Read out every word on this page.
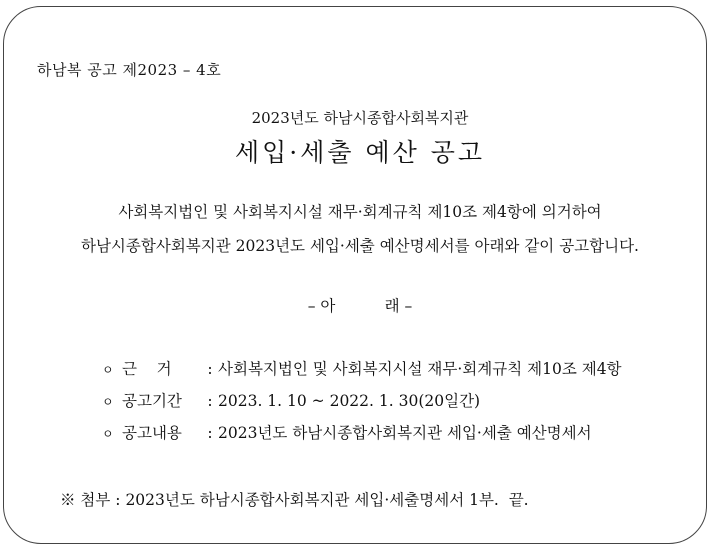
하남복 공고 제2023 – 4호
2023년도 하남시종합사회복지관
세입·세출 예산 공고
사회복지법인 및 사회복지시설 재무·회계규칙 제10조 제4항에 의거하여
하남시종합사회복지관 2023년도 세입·세출 예산명세서를 아래와 같이 공고합니다.
– 아          래 –
ㅇ 근    거	: 사회복지법인 및 사회복지시설 재무·회계규칙 제10조 제4항
ㅇ 공고기간	: 2023. 1. 10 ~ 2022. 1. 30(20일간)
ㅇ 공고내용	: 2023년도 하남시종합사회복지관 세입·세출 예산명세서
※ 첨부 : 2023년도 하남시종합사회복지관 세입·세출명세서 1부.  끝.
